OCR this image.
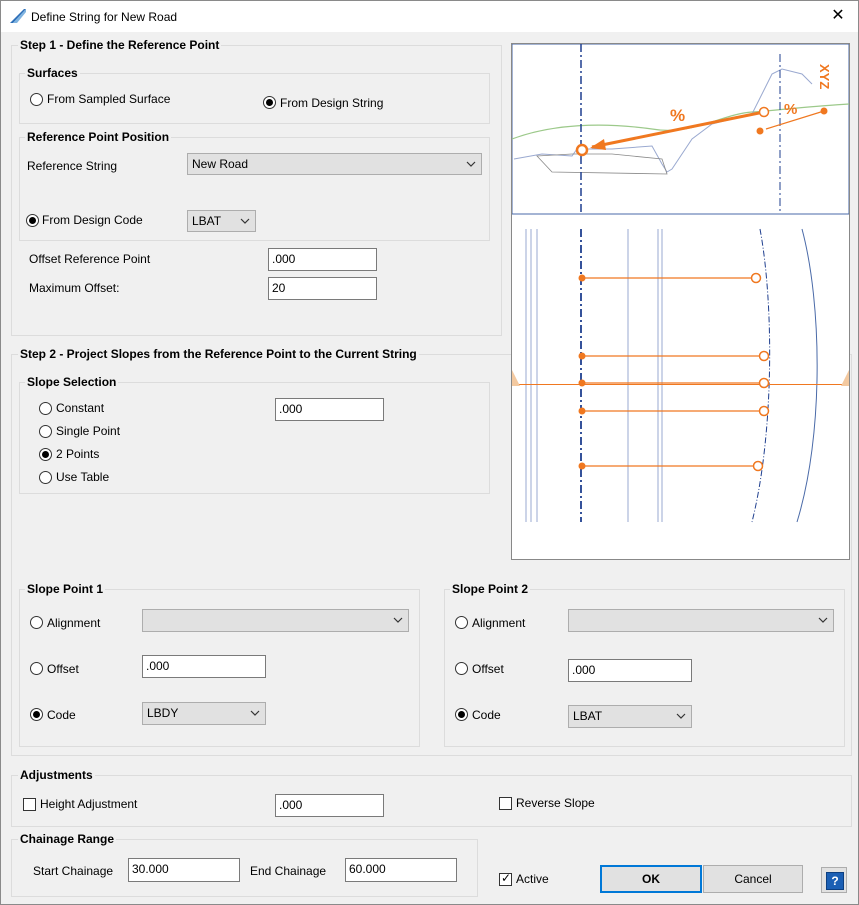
Define String for New Road	✕
Step 1 - Define the Reference Point
Surfaces
From Sampled Surface	From Design String
Reference Point Position
Reference String	New Road
From Design Code	LBAT
Offset Reference Point	.000
Maximum Offset:	20
Step 2 - Project Slopes from the Reference Point to the Current String
Slope Selection
Constant
Single Point
2 Points
Use Table
.000
Slope Point 1
Alignment
Offset	.000
Code	LBDY
Slope Point 2
Alignment
Offset	.000
Code	LBAT
%	%
XYZ
Adjustments
Height Adjustment	.000	Reverse Slope
Chainage Range
Start Chainage	30.000	End Chainage	60.000
✓ Active	OK	Cancel	?
